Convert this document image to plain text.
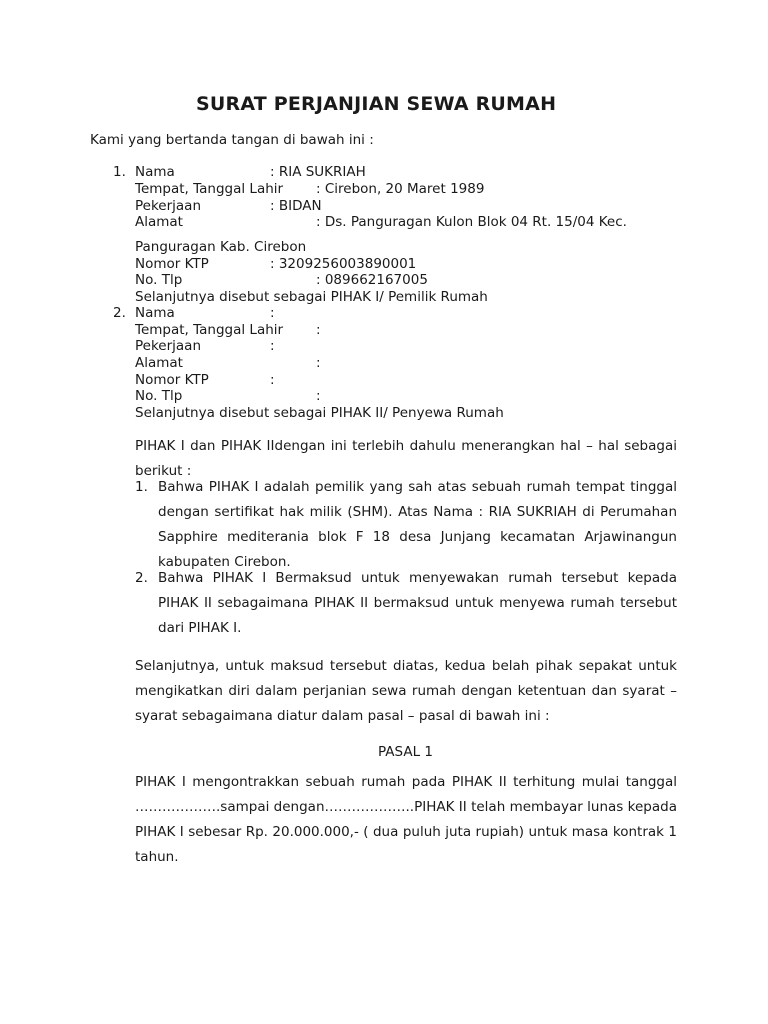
SURAT PERJANJIAN SEWA RUMAH
Kami yang bertanda tangan di bawah ini :
1. Nama	: RIA SUKRIAH
Tempat, Tanggal Lahir : Cirebon, 20 Maret 1989
Pekerjaan	: BIDAN
Alamat	: Ds. Panguragan Kulon Blok 04 Rt. 15/04 Kec.
Panguragan Kab. Cirebon
Nomor KTP	: 3209256003890001
No. Tlp	: 089662167005
Selanjutnya disebut sebagai PIHAK I/ Pemilik Rumah
2. Nama	:
Tempat, Tanggal Lahir :
Pekerjaan	:
Alamat	:
Nomor KTP	:
No. Tlp	:
Selanjutnya disebut sebagai PIHAK II/ Penyewa Rumah
PIHAK I dan PIHAK IIdengan ini terlebih dahulu menerangkan hal – hal sebagai berikut :
1. Bahwa PIHAK I adalah pemilik yang sah atas sebuah rumah tempat tinggal dengan sertifikat hak milik (SHM). Atas Nama : RIA SUKRIAH di Perumahan Sapphire mediterania blok F 18 desa Junjang kecamatan Arjawinangun kabupaten Cirebon.
2. Bahwa PIHAK I Bermaksud untuk menyewakan rumah tersebut kepada PIHAK II sebagaimana PIHAK II bermaksud untuk menyewa rumah tersebut dari PIHAK I.
Selanjutnya, untuk maksud tersebut diatas, kedua belah pihak sepakat untuk mengikatkan diri dalam perjanian sewa rumah dengan ketentuan dan syarat – syarat sebagaimana diatur dalam pasal – pasal di bawah ini :
PASAL 1
PIHAK I mengontrakkan sebuah rumah pada PIHAK II terhitung mulai tanggal ……………….sampai dengan………………..PIHAK II telah membayar lunas kepada PIHAK I sebesar Rp. 20.000.000,- ( dua puluh juta rupiah) untuk masa kontrak 1 tahun.
